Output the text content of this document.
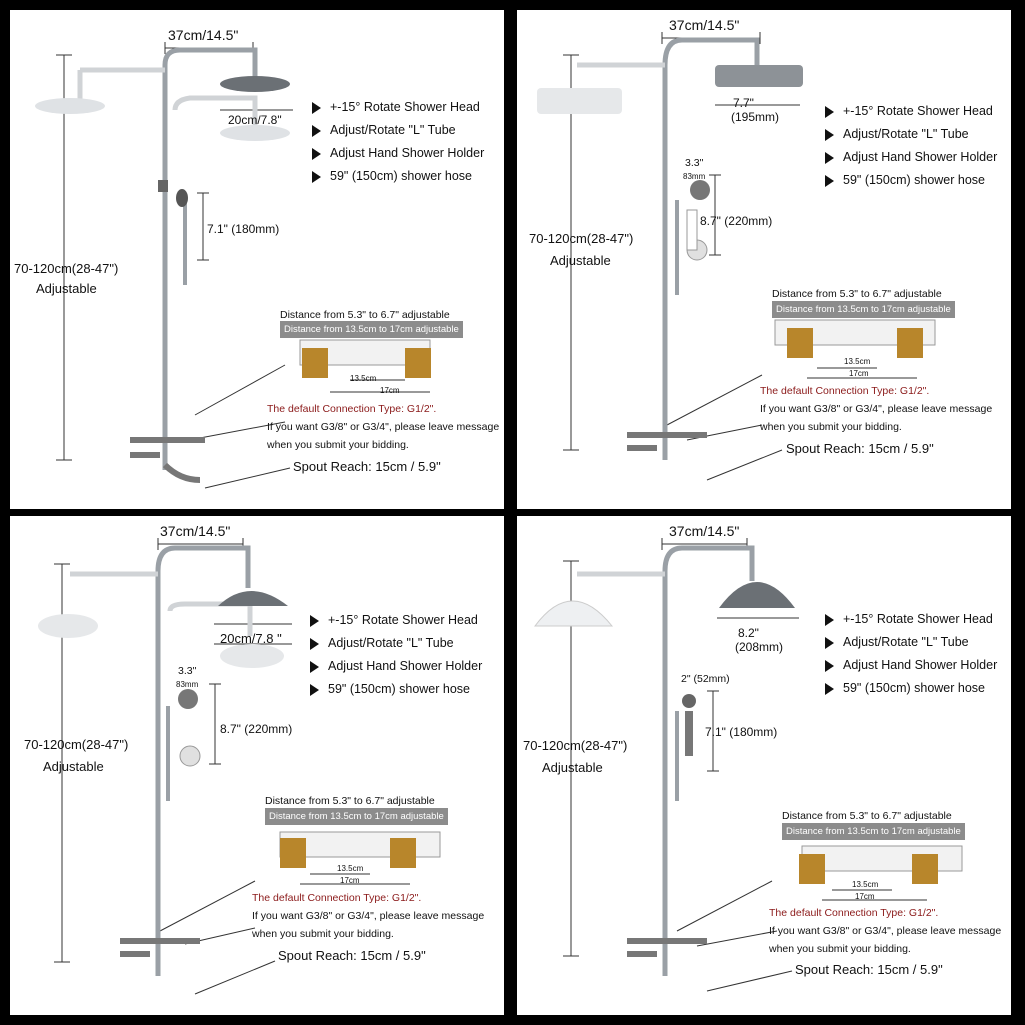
37cm/14.5"
20cm/7.8"
7.1" (180mm)
70-120cm(28-47")
Adjustable
+-15° Rotate Shower Head
Adjust/Rotate "L" Tube
Adjust Hand Shower Holder
59" (150cm) shower hose
Distance from 5.3" to 6.7" adjustable
Distance from 13.5cm to 17cm adjustable
13.5cm
17cm
The default Connection Type: G1/2".
If you want G3/8" or G3/4", please leave message
when you submit your bidding.
Spout Reach: 15cm / 5.9"
37cm/14.5"
7.7"
(195mm)
3.3"
83mm
8.7" (220mm)
70-120cm(28-47")
Adjustable
+-15° Rotate Shower Head
Adjust/Rotate "L" Tube
Adjust Hand Shower Holder
59" (150cm) shower hose
Distance from 5.3" to 6.7" adjustable
Distance from 13.5cm to 17cm adjustable
13.5cm
17cm
The default Connection Type: G1/2".
If you want G3/8" or G3/4", please leave message
when you submit your bidding.
Spout Reach: 15cm / 5.9"
37cm/14.5"
20cm/7.8 "
3.3"
83mm
8.7" (220mm)
70-120cm(28-47")
Adjustable
+-15° Rotate Shower Head
Adjust/Rotate "L" Tube
Adjust Hand Shower Holder
59" (150cm) shower hose
Distance from 5.3" to 6.7" adjustable
Distance from 13.5cm to 17cm adjustable
13.5cm
17cm
The default Connection Type: G1/2".
If you want G3/8" or G3/4", please leave message
when you submit your bidding.
Spout Reach: 15cm / 5.9"
37cm/14.5"
8.2"
(208mm)
2" (52mm)
7.1" (180mm)
70-120cm(28-47")
Adjustable
+-15° Rotate Shower Head
Adjust/Rotate "L" Tube
Adjust Hand Shower Holder
59" (150cm) shower hose
Distance from 5.3" to 6.7" adjustable
Distance from 13.5cm to 17cm adjustable
13.5cm
17cm
The default Connection Type: G1/2".
If you want G3/8" or G3/4", please leave message
when you submit your bidding.
Spout Reach: 15cm / 5.9"
